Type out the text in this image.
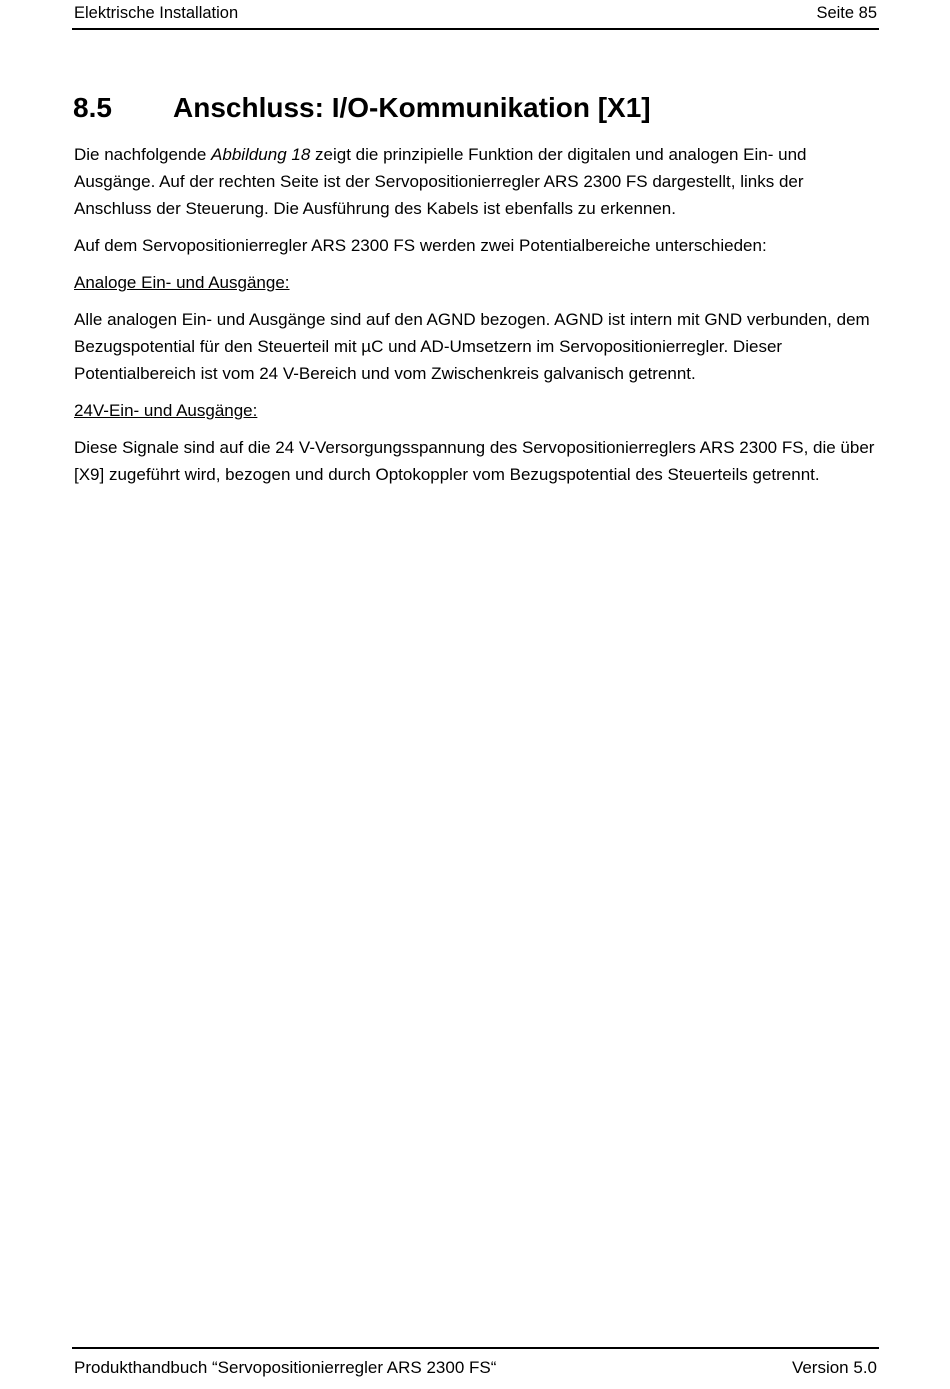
Elektrische Installation	Seite 85
8.5 Anschluss: I/O-Kommunikation [X1]

Die nachfolgende Abbildung 18 zeigt die prinzipielle Funktion der digitalen und analogen Ein- und Ausgänge. Auf der rechten Seite ist der Servopositionierregler ARS 2300 FS dargestellt, links der Anschluss der Steuerung. Die Ausführung des Kabels ist ebenfalls zu erkennen.

Auf dem Servopositionierregler ARS 2300 FS werden zwei Potentialbereiche unterschieden:

Analoge Ein- und Ausgänge:

Alle analogen Ein- und Ausgänge sind auf den AGND bezogen. AGND ist intern mit GND verbunden, dem Bezugspotential für den Steuerteil mit µC und AD-Umsetzern im Servopositionierregler. Dieser Potentialbereich ist vom 24 V-Bereich und vom Zwischenkreis galvanisch getrennt.

24V-Ein- und Ausgänge:

Diese Signale sind auf die 24 V-Versorgungsspannung des Servopositionierreglers ARS 2300 FS, die über [X9] zugeführt wird, bezogen und durch Optokoppler vom Bezugspotential des Steuerteils getrennt.

Produkthandbuch “Servopositionierregler ARS 2300 FS“	Version 5.0
